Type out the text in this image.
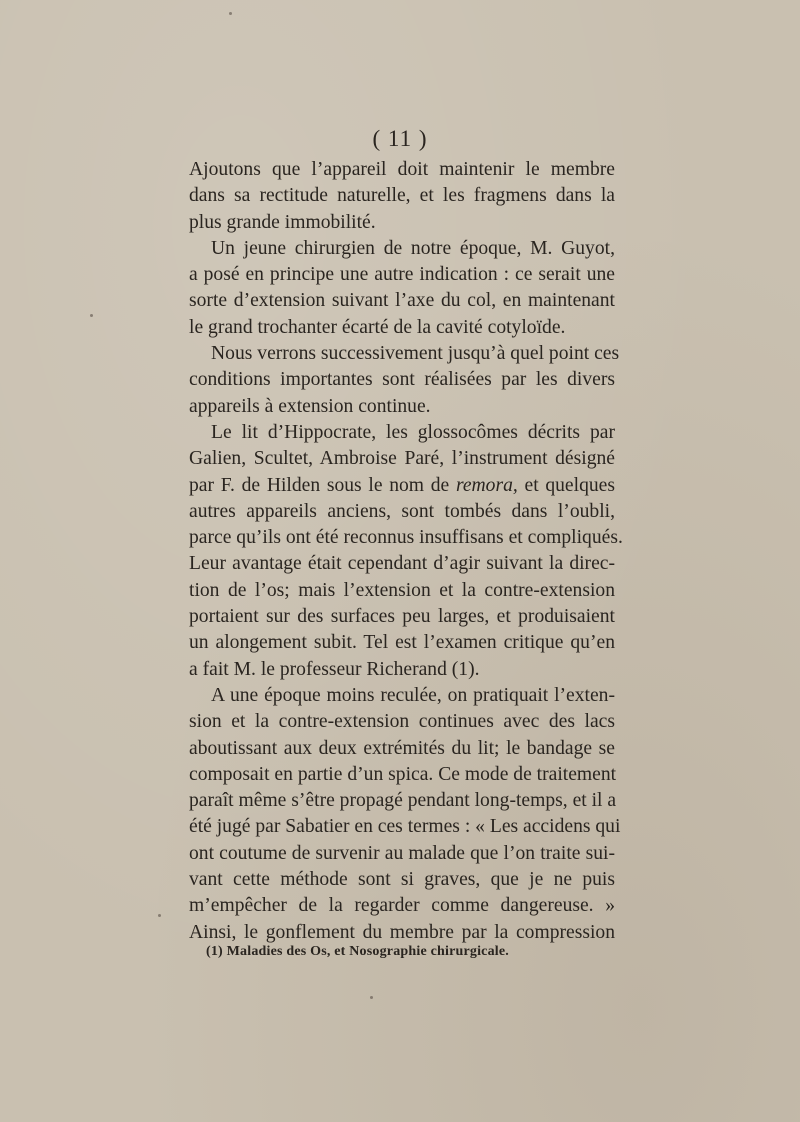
( 11 )
Ajoutons que l’appareil doit maintenir le membre
dans sa rectitude naturelle, et les fragmens dans la
plus grande immobilité.
Un jeune chirurgien de notre époque, M. Guyot,
a posé en principe une autre indication : ce serait une
sorte d’extension suivant l’axe du col, en maintenant
le grand trochanter écarté de la cavité cotyloïde.
Nous verrons successivement jusqu’à quel point ces
conditions importantes sont réalisées par les divers
appareils à extension continue.
Le lit d’Hippocrate, les glossocômes décrits par
Galien, Scultet, Ambroise Paré, l’instrument désigné
par F. de Hilden sous le nom de remora, et quelques
autres appareils anciens, sont tombés dans l’oubli,
parce qu’ils ont été reconnus insuffisans et compliqués.
Leur avantage était cependant d’agir suivant la direc-
tion de l’os; mais l’extension et la contre-extension
portaient sur des surfaces peu larges, et produisaient
un alongement subit. Tel est l’examen critique qu’en
a fait M. le professeur Richerand (1).
A une époque moins reculée, on pratiquait l’exten-
sion et la contre-extension continues avec des lacs
aboutissant aux deux extrémités du lit; le bandage se
composait en partie d’un spica. Ce mode de traitement
paraît même s’être propagé pendant long-temps, et il a
été jugé par Sabatier en ces termes : « Les accidens qui
ont coutume de survenir au malade que l’on traite sui-
vant cette méthode sont si graves, que je ne puis
m’empêcher de la regarder comme dangereuse. »
Ainsi, le gonflement du membre par la compression
(1) Maladies des Os, et Nosographie chirurgicale.
